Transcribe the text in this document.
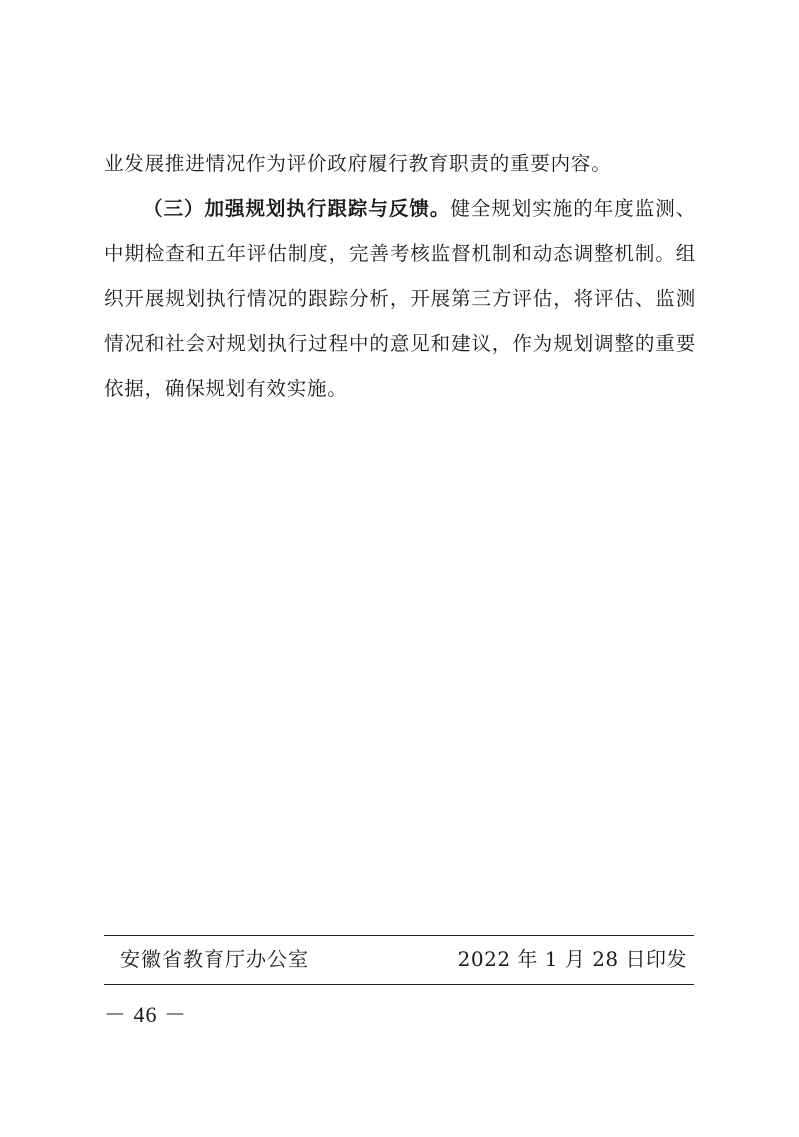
业发展推进情况作为评价政府履行教育职责的重要内容。

（三）加强规划执行跟踪与反馈。健全规划实施的年度监测、中期检查和五年评估制度，完善考核监督机制和动态调整机制。组织开展规划执行情况的跟踪分析，开展第三方评估，将评估、监测情况和社会对规划执行过程中的意见和建议，作为规划调整的重要依据，确保规划有效实施。

安徽省教育厅办公室	2022 年 1 月 28 日印发
－ 46 －
